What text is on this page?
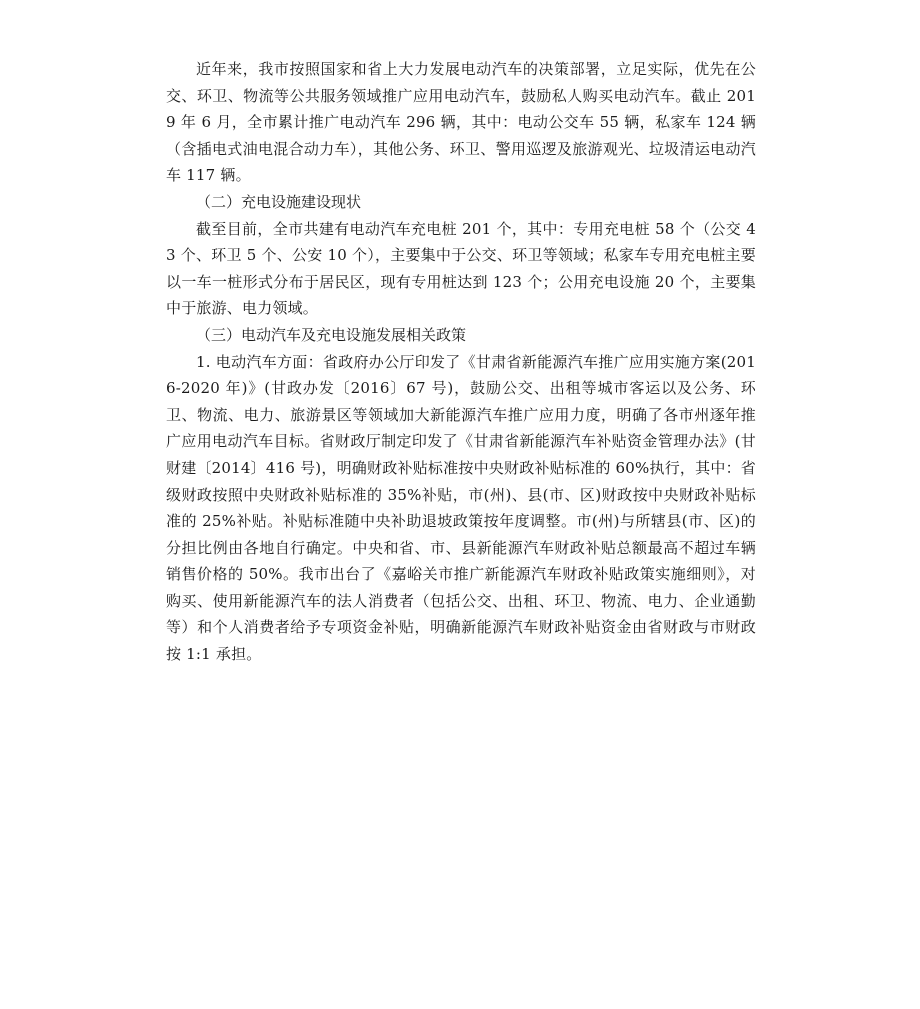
近年来，我市按照国家和省上大力发展电动汽车的决策部署，立足实际，优先在公交、环卫、物流等公共服务领域推广应用电动汽车，鼓励私人购买电动汽车。截止 2019 年 6 月，全市累计推广电动汽车 296 辆，其中：电动公交车 55 辆，私家车 124 辆（含插电式油电混合动力车），其他公务、环卫、警用巡逻及旅游观光、垃圾清运电动汽车 117 辆。

（二）充电设施建设现状

截至目前，全市共建有电动汽车充电桩 201 个，其中：专用充电桩 58 个（公交 43 个、环卫 5 个、公安 10 个），主要集中于公交、环卫等领域；私家车专用充电桩主要以一车一桩形式分布于居民区，现有专用桩达到 123 个；公用充电设施 20 个，主要集中于旅游、电力领域。

（三）电动汽车及充电设施发展相关政策

1. 电动汽车方面：省政府办公厅印发了《甘肃省新能源汽车推广应用实施方案(2016-2020 年)》(甘政办发〔2016〕67 号)，鼓励公交、出租等城市客运以及公务、环卫、物流、电力、旅游景区等领域加大新能源汽车推广应用力度，明确了各市州逐年推广应用电动汽车目标。省财政厅制定印发了《甘肃省新能源汽车补贴资金管理办法》(甘财建〔2014〕416 号)，明确财政补贴标准按中央财政补贴标准的 60%执行，其中：省级财政按照中央财政补贴标准的 35%补贴，市(州)、县(市、区)财政按中央财政补贴标准的 25%补贴。补贴标准随中央补助退坡政策按年度调整。市(州)与所辖县(市、区)的分担比例由各地自行确定。中央和省、市、县新能源汽车财政补贴总额最高不超过车辆销售价格的 50%。我市出台了《嘉峪关市推广新能源汽车财政补贴政策实施细则》，对购买、使用新能源汽车的法人消费者（包括公交、出租、环卫、物流、电力、企业通勤等）和个人消费者给予专项资金补贴，明确新能源汽车财政补贴资金由省财政与市财政按 1:1 承担。
